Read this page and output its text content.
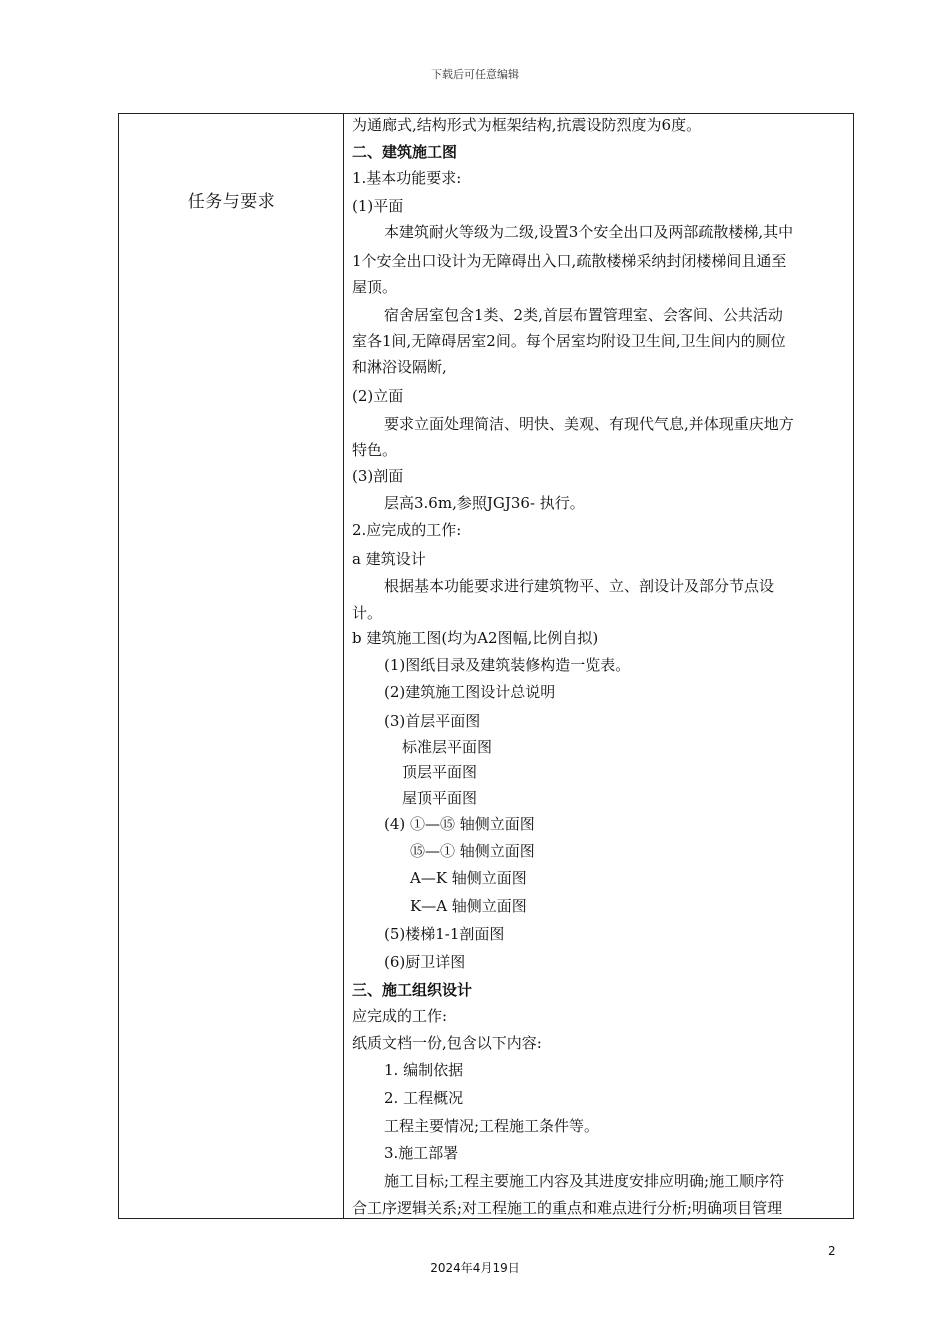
下载后可任意编辑
任务与要求
为通廊式,结构形式为框架结构,抗震设防烈度为6度。
二、建筑施工图
1.基本功能要求:
(1)平面
本建筑耐火等级为二级,设置3个安全出口及两部疏散楼梯,其中
1个安全出口设计为无障碍出入口,疏散楼梯采纳封闭楼梯间且通至
屋顶。
宿舍居室包含1类、2类,首层布置管理室、会客间、公共活动
室各1间,无障碍居室2间。每个居室均附设卫生间,卫生间内的厕位
和淋浴设隔断,
(2)立面
要求立面处理简洁、明快、美观、有现代气息,并体现重庆地方
特色。
(3)剖面
层高3.6m,参照JGJ36- 执行。
2.应完成的工作:
a 建筑设计
根据基本功能要求进行建筑物平、立、剖设计及部分节点设
计。
b 建筑施工图(均为A2图幅,比例自拟)
(1)图纸目录及建筑装修构造一览表。
(2)建筑施工图设计总说明
(3)首层平面图
标准层平面图
顶层平面图
屋顶平面图
(4) ①—⑮ 轴侧立面图
⑮—① 轴侧立面图
A—K 轴侧立面图
K—A 轴侧立面图
(5)楼梯1-1剖面图
(6)厨卫详图
三、施工组织设计
应完成的工作:
纸质文档一份,包含以下内容:
1. 编制依据
2. 工程概况
工程主要情况;工程施工条件等。
3.施工部署
施工目标;工程主要施工内容及其进度安排应明确;施工顺序符
合工序逻辑关系;对工程施工的重点和难点进行分析;明确项目管理
2
2024年4月19日
